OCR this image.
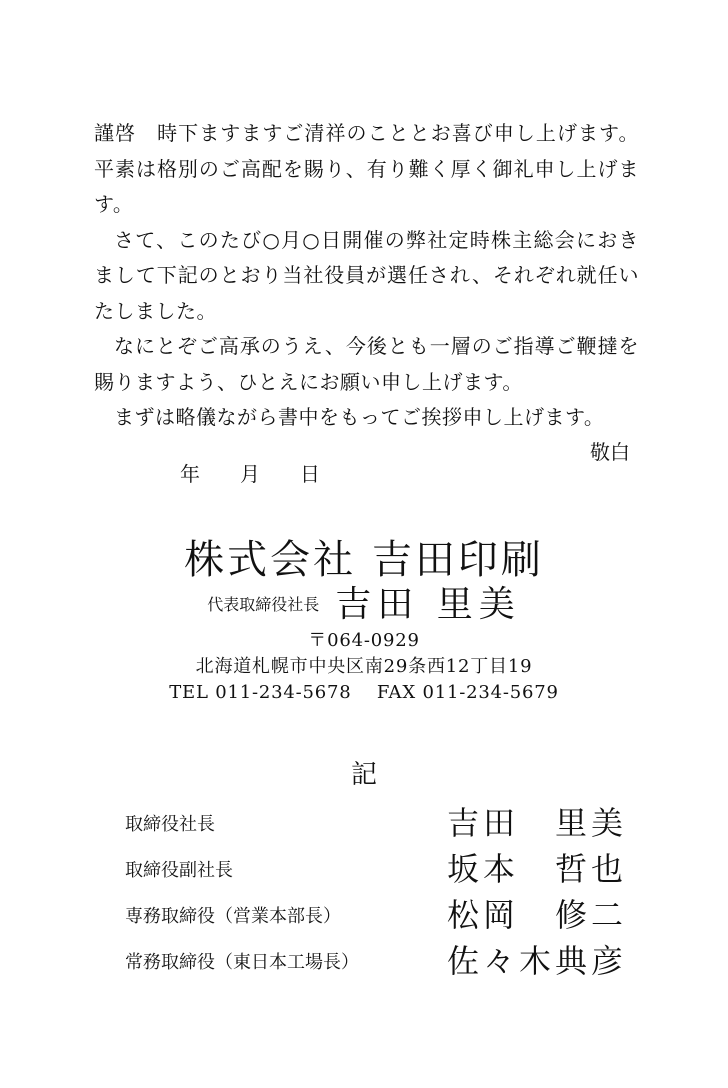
謹啓　時下ますますご清祥のこととお喜び申し上げます。平素は格別のご高配を賜り、有り難く厚く御礼申し上げます。

さて、このたび○月○日開催の弊社定時株主総会におきまして下記のとおり当社役員が選任され、それぞれ就任いたしました。

なにとぞご高承のうえ、今後とも一層のご指導ご鞭撻を賜りますよう、ひとえにお願い申し上げます。

まずは略儀ながら書中をもってご挨拶申し上げます。

敬白
年　　月　　日
株式会社 吉田印刷
代表取締役社長 吉田 里美
〒064-0929
北海道札幌市中央区南29条西12丁目19
TEL 011-234-5678　 FAX 011-234-5679
記
取締役社長	吉田　里美
取締役副社長	坂本　哲也
専務取締役（営業本部長）	松岡　修二
常務取締役（東日本工場長）	佐々木典彦
